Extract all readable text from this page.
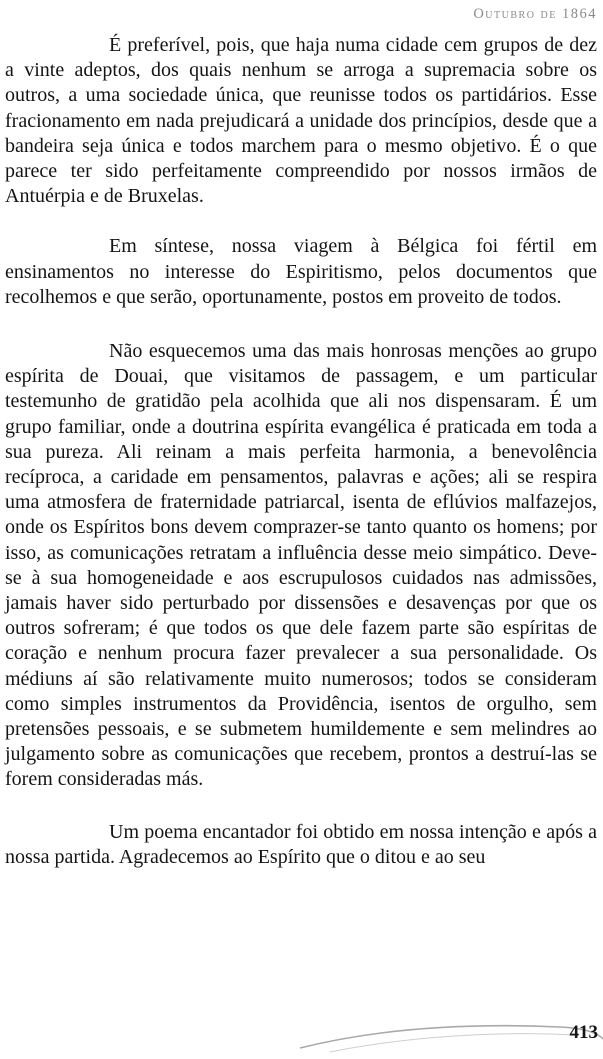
Outubro de 1864

É preferível, pois, que haja numa cidade cem grupos de dez a vinte adeptos, dos quais nenhum se arroga a supremacia sobre os outros, a uma sociedade única, que reunisse todos os partidários. Esse fracionamento em nada prejudicará a unidade dos princípios, desde que a bandeira seja única e todos marchem para o mesmo objetivo. É o que parece ter sido perfeitamente compreendido por nossos irmãos de Antuérpia e de Bruxelas.

Em síntese, nossa viagem à Bélgica foi fértil em ensinamentos no interesse do Espiritismo, pelos documentos que recolhemos e que serão, oportunamente, postos em proveito de todos.

Não esquecemos uma das mais honrosas menções ao grupo espírita de Douai, que visitamos de passagem, e um particular testemunho de gratidão pela acolhida que ali nos dispensaram. É um grupo familiar, onde a doutrina espírita evangélica é praticada em toda a sua pureza. Ali reinam a mais perfeita harmonia, a benevolência recíproca, a caridade em pensamentos, palavras e ações; ali se respira uma atmosfera de fraternidade patriarcal, isenta de eflúvios malfazejos, onde os Espíritos bons devem comprazer-se tanto quanto os homens; por isso, as comunicações retratam a influência desse meio simpático. Deve-se à sua homogeneidade e aos escrupulosos cuidados nas admissões, jamais haver sido perturbado por dissensões e desavenças por que os outros sofreram; é que todos os que dele fazem parte são espíritas de coração e nenhum procura fazer prevalecer a sua personalidade. Os médiuns aí são relativamente muito numerosos; todos se consideram como simples instrumentos da Providência, isentos de orgulho, sem pretensões pessoais, e se submetem humildemente e sem melindres ao julgamento sobre as comunicações que recebem, prontos a destruí-las se forem consideradas más.

Um poema encantador foi obtido em nossa intenção e após a nossa partida. Agradecemos ao Espírito que o ditou e ao seu

413
